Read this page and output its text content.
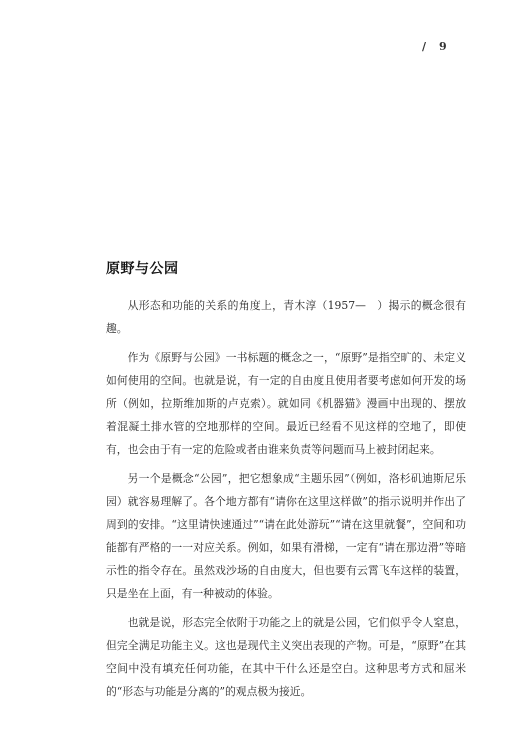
/ 9
原野与公园

从形态和功能的关系的角度上，青木淳（1957—　）揭示的概念很有趣。

作为《原野与公园》一书标题的概念之一，“原野”是指空旷的、未定义如何使用的空间。也就是说，有一定的自由度且使用者要考虑如何开发的场所（例如，拉斯维加斯的卢克索）。就如同《机器猫》漫画中出现的、摆放着混凝土排水管的空地那样的空间。最近已经看不见这样的空地了，即使有，也会由于有一定的危险或者由谁来负责等问题而马上被封闭起来。

另一个是概念“公园”，把它想象成“主题乐园”（例如，洛杉矶迪斯尼乐园）就容易理解了。各个地方都有“请你在这里这样做”的指示说明并作出了周到的安排。“这里请快速通过”“请在此处游玩”“请在这里就餐”，空间和功能都有严格的一一对应关系。例如，如果有滑梯，一定有“请在那边滑”等暗示性的指令存在。虽然戏沙场的自由度大，但也要有云霄飞车这样的装置，只是坐在上面，有一种被动的体验。

也就是说，形态完全依附于功能之上的就是公园，它们似乎令人窒息，但完全满足功能主义。这也是现代主义突出表现的产物。可是，“原野”在其空间中没有填充任何功能，在其中干什么还是空白。这种思考方式和屈米的“形态与功能是分离的”的观点极为接近。
